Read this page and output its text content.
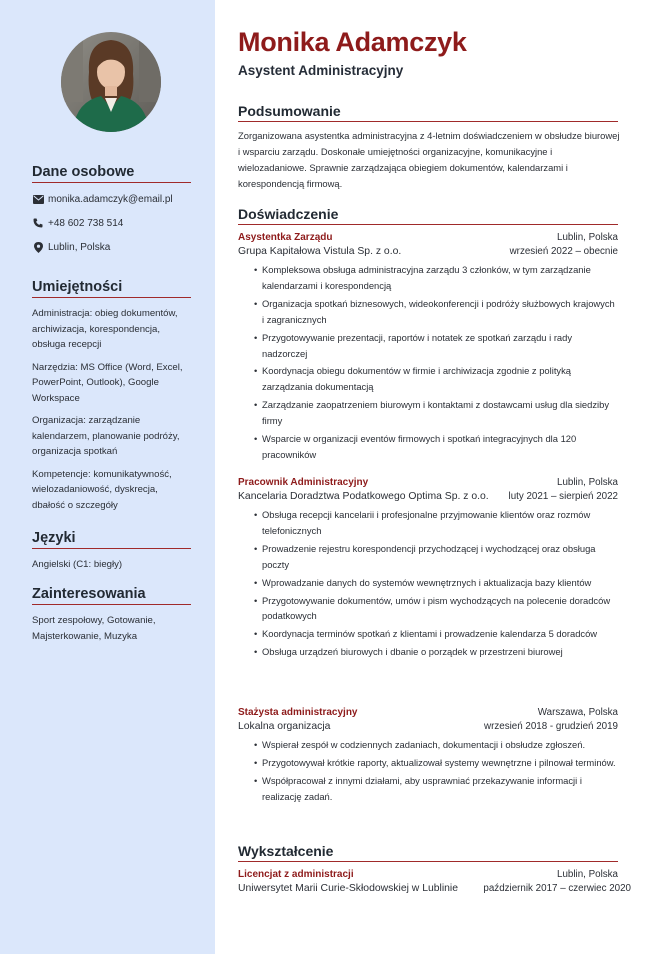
Dane osobowe
monika.adamczyk@email.pl
+48 602 738 514
Lublin, Polska
Umiejętności

Administracja: obieg dokumentów, archiwizacja, korespondencja, obsługa recepcji

Narzędzia: MS Office (Word, Excel, PowerPoint, Outlook), Google Workspace

Organizacja: zarządzanie kalendarzem, planowanie podróży, organizacja spotkań

Kompetencje: komunikatywność, wielozadaniowość, dyskrecja, dbałość o szczegóły

Języki

Angielski (C1: biegły)

Zainteresowania

Sport zespołowy, Gotowanie, Majsterkowanie, Muzyka

Monika Adamczyk
Asystent Administracyjny
Podsumowanie

Zorganizowana asystentka administracyjna z 4-letnim doświadczeniem w obsłudze biurowej i wsparciu zarządu. Doskonałe umiejętności organizacyjne, komunikacyjne i wielozadaniowe. Sprawnie zarządzająca obiegiem dokumentów, kalendarzami i korespondencją firmową.

Doświadczenie
Asystentka Zarządu	Lublin, Polska
Grupa Kapitałowa Vistula Sp. z o.o.	wrzesień 2022 – obecnie
• Kompleksowa obsługa administracyjna zarządu 3 członków, w tym zarządzanie kalendarzami i korespondencją
• Organizacja spotkań biznesowych, wideokonferencji i podróży służbowych krajowych i zagranicznych
• Przygotowywanie prezentacji, raportów i notatek ze spotkań zarządu i rady nadzorczej
• Koordynacja obiegu dokumentów w firmie i archiwizacja zgodnie z polityką zarządzania dokumentacją
• Zarządzanie zaopatrzeniem biurowym i kontaktami z dostawcami usług dla siedziby firmy
• Wsparcie w organizacji eventów firmowych i spotkań integracyjnych dla 120 pracowników
Pracownik Administracyjny	Lublin, Polska
Kancelaria Doradztwa Podatkowego Optima Sp. z o.o. luty 2021 – sierpień 2022
• Obsługa recepcji kancelarii i profesjonalne przyjmowanie klientów oraz rozmów telefonicznych
• Prowadzenie rejestru korespondencji przychodzącej i wychodzącej oraz obsługa poczty
• Wprowadzanie danych do systemów wewnętrznych i aktualizacja bazy klientów
• Przygotowywanie dokumentów, umów i pism wychodzących na polecenie doradców podatkowych
• Koordynacja terminów spotkań z klientami i prowadzenie kalendarza 5 doradców
• Obsługa urządzeń biurowych i dbanie o porządek w przestrzeni biurowej
Stażysta administracyjny	Warszawa, Polska
Lokalna organizacja	wrzesień 2018 - grudzień 2019
• Wspierał zespół w codziennych zadaniach, dokumentacji i obsłudze zgłoszeń.
• Przygotowywał krótkie raporty, aktualizował systemy wewnętrzne i pilnował terminów.
• Współpracował z innymi działami, aby usprawniać przekazywanie informacji i realizację zadań.
Wykształcenie
Licencjat z administracji	Lublin, Polska
Uniwersytet Marii Curie-Skłodowskiej w Lublinie	październik 2017 – czerwiec 2020
